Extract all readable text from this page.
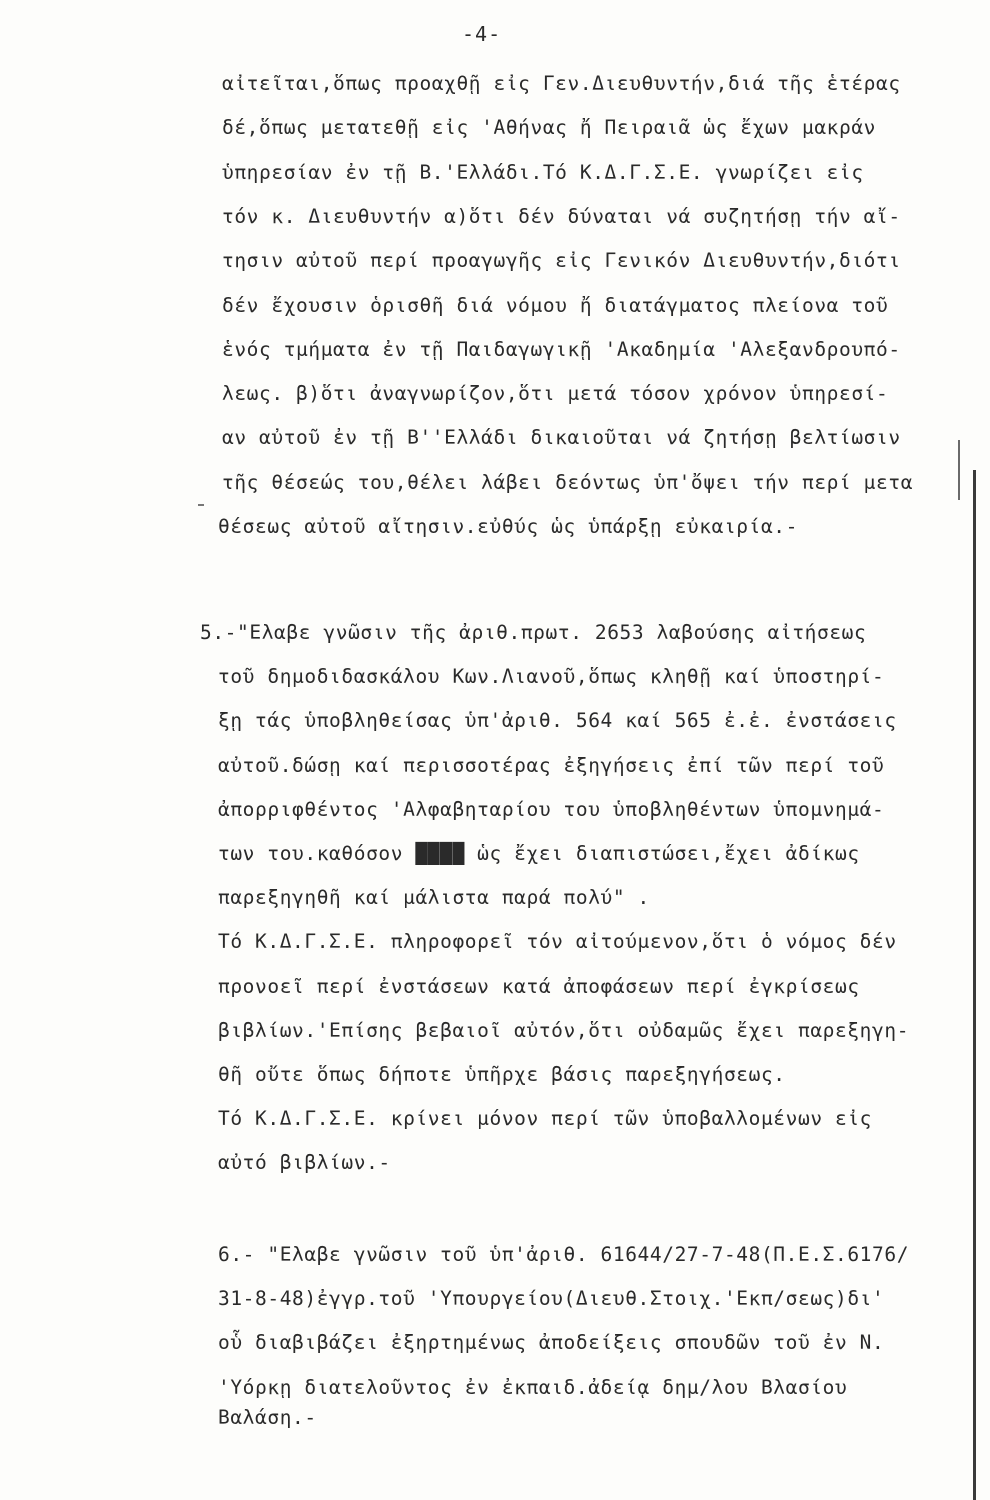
-4-
αἰτεῖται,ὅπως προαχθῇ εἰς Γεν.Διευθυντήν,διά τῆς ἑτέρας
δέ,ὅπως μετατεθῇ εἰς 'Αθήνας ἤ Πειραιᾶ ὡς ἔχων μακράν
ὑπηρεσίαν ἐν τῇ Β.'Ελλάδι.Τό Κ.Δ.Γ.Σ.Ε. γνωρίζει εἰς
τόν κ. Διευθυντήν α)ὅτι δέν δύναται νά συζητήσῃ τήν αἴ-
τησιν αὐτοῦ περί προαγωγῆς εἰς Γενικόν Διευθυντήν,διότι
δέν ἔχουσιν ὁρισθῆ διά νόμου ἤ διατάγματος πλείονα τοῦ
ἑνός τμήματα ἐν τῇ Παιδαγωγικῇ 'Ακαδημία 'Αλεξανδρουπό-
λεως. β)ὅτι ἀναγνωρίζον,ὅτι μετά τόσον χρόνον ὑπηρεσί-
αν αὐτοῦ ἐν τῇ Β''Ελλάδι δικαιοῦται νά ζητήσῃ βελτίωσιν
τῆς θέσεώς του,θέλει λάβει δεόντως ὑπ'ὄψει τήν περί μετα
θέσεως αὐτοῦ αἴτησιν.εὐθύς ὡς ὑπάρξῃ εὐκαιρία.-
5.-"Ελαβε γνῶσιν τῆς ἀριθ.πρωτ. 2653 λαβούσης αἰτήσεως
τοῦ δημοδιδασκάλου Κων.Λιανοῦ,ὅπως κληθῇ καί ὑποστηρί-
ξῃ τάς ὑποβληθείσας ὑπ'ἀριθ. 564 καί 565 ἐ.ἐ. ἐνστάσεις
αὐτοῦ.δώσῃ καί περισσοτέρας ἐξηγήσεις ἐπί τῶν περί τοῦ
ἀπορριφθέντος 'Αλφαβηταρίου του ὑποβληθέντων ὑπομνημά-
των του.καθόσον ████ ὡς ἔχει διαπιστώσει,ἔχει ἀδίκως
παρεξηγηθῆ καί μάλιστα παρά πολύ" .
Τό Κ.Δ.Γ.Σ.Ε. πληροφορεῖ τόν αἰτούμενον,ὅτι ὁ νόμος δέν
προνοεῖ περί ἐνστάσεων κατά ἀποφάσεων περί ἐγκρίσεως
βιβλίων.'Επίσης βεβαιοῖ αὐτόν,ὅτι οὐδαμῶς ἔχει παρεξηγη-
θῆ οὔτε ὅπως δήποτε ὑπῆρχε βάσις παρεξηγήσεως.
Τό Κ.Δ.Γ.Σ.Ε. κρίνει μόνον περί τῶν ὑποβαλλομένων εἰς
αὐτό βιβλίων.-
6.- "Ελαβε γνῶσιν τοῦ ὑπ'ἀριθ. 61644/27-7-48(Π.Ε.Σ.6176/
31-8-48)ἐγγρ.τοῦ 'Υπουργείου(Διευθ.Στοιχ.'Εκπ/σεως)δι'
οὗ διαβιβάζει ἐξηρτημένως ἀποδείξεις σπουδῶν τοῦ ἐν Ν.
'Υόρκῃ διατελοῦντος ἐν ἐκπαιδ.ἀδείᾳ δημ/λου Βλασίου
Βαλάση.-
